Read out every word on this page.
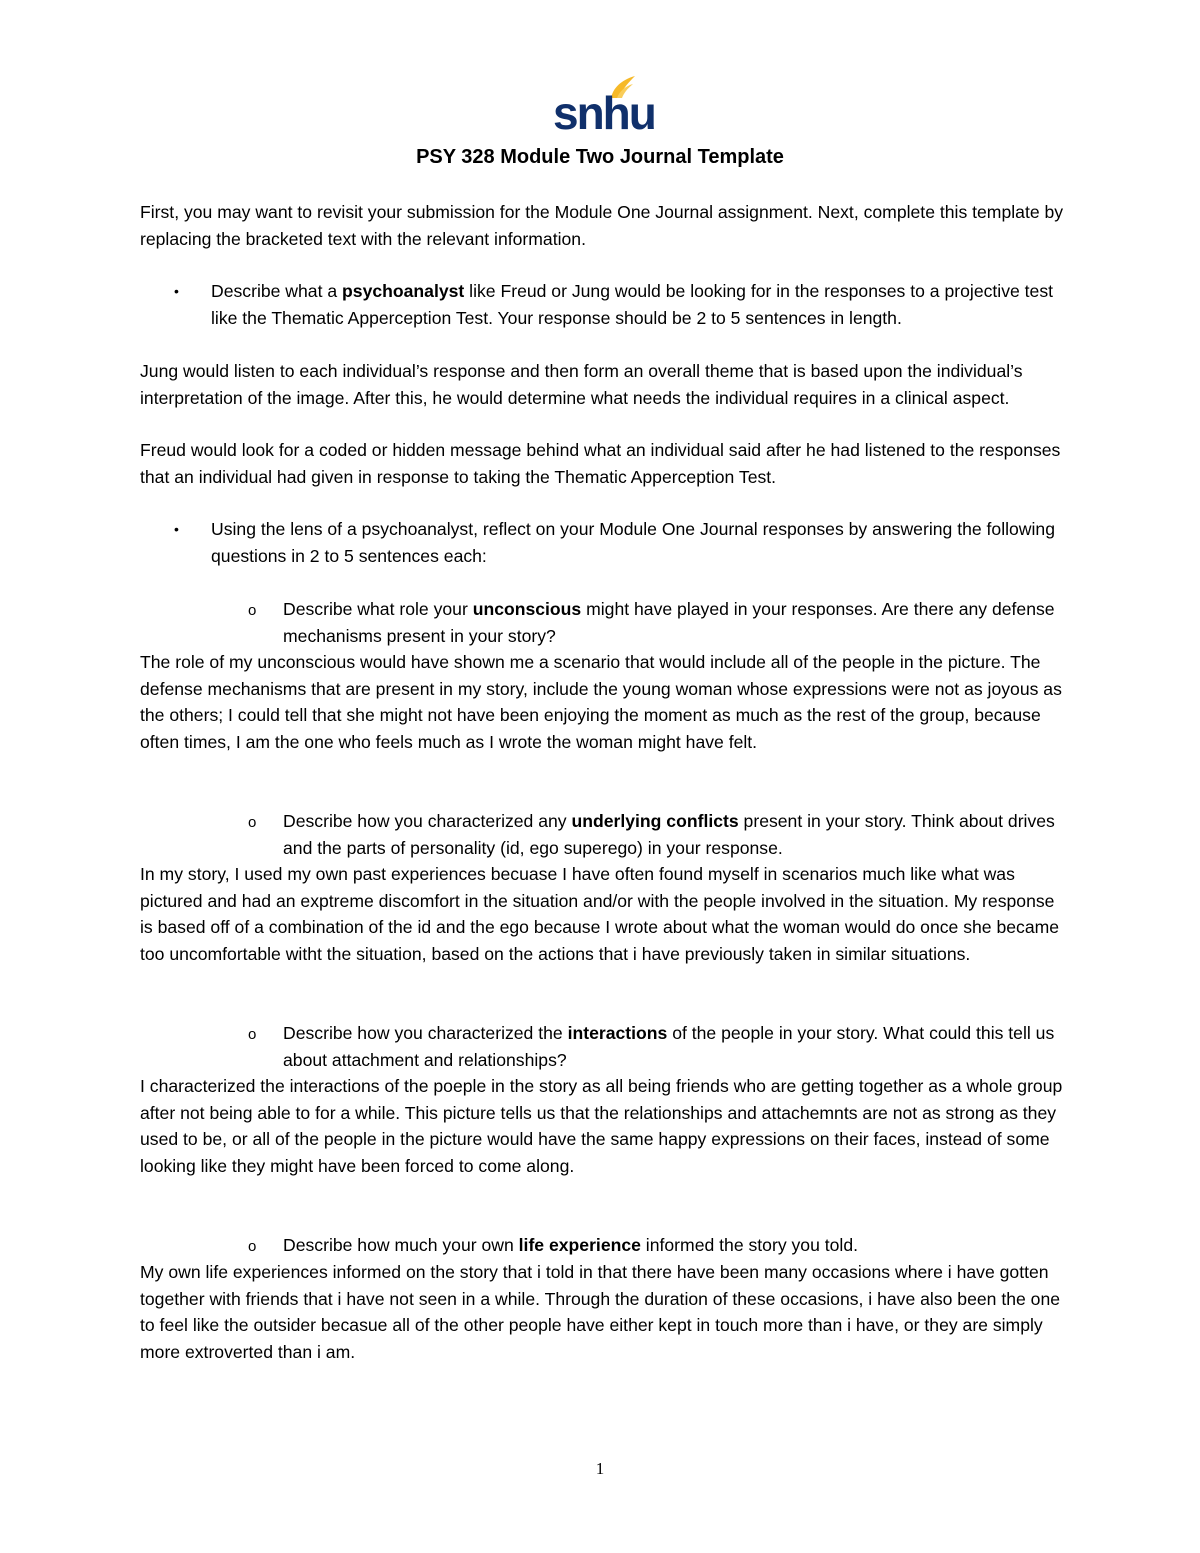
snhu
PSY 328 Module Two Journal Template

First, you may want to revisit your submission for the Module One Journal assignment. Next, complete this template by replacing the bracketed text with the relevant information.

• Describe what a psychoanalyst like Freud or Jung would be looking for in the responses to a projective test like the Thematic Apperception Test. Your response should be 2 to 5 sentences in length.

Jung would listen to each individual’s response and then form an overall theme that is based upon the individual’s interpretation of the image. After this, he would determine what needs the individual requires in a clinical aspect.

Freud would look for a coded or hidden message behind what an individual said after he had listened to the responses that an individual had given in response to taking the Thematic Apperception Test.

• Using the lens of a psychoanalyst, reflect on your Module One Journal responses by answering the following questions in 2 to 5 sentences each:
o Describe what role your unconscious might have played in your responses. Are there any defense mechanisms present in your story?

The role of my unconscious would have shown me a scenario that would include all of the people in the picture. The defense mechanisms that are present in my story, include the young woman whose expressions were not as joyous as the others; I could tell that she might not have been enjoying the moment as much as the rest of the group, because often times, I am the one who feels much as I wrote the woman might have felt.

o Describe how you characterized any underlying conflicts present in your story. Think about drives and the parts of personality (id, ego superego) in your response.

In my story, I used my own past experiences becuase I have often found myself in scenarios much like what was pictured and had an exptreme discomfort in the situation and/or with the people involved in the situation. My response is based off of a combination of the id and the ego because I wrote about what the woman would do once she became too uncomfortable witht the situation, based on the actions that i have previously taken in similar situations.

o Describe how you characterized the interactions of the people in your story. What could this tell us about attachment and relationships?

I characterized the interactions of the poeple in the story as all being friends who are getting together as a whole group after not being able to for a while. This picture tells us that the relationships and attachemnts are not as strong as they used to be, or all of the people in the picture would have the same happy expressions on their faces, instead of some looking like they might have been forced to come along.

o Describe how much your own life experience informed the story you told.

My own life experiences informed on the story that i told in that there have been many occasions where i have gotten together with friends that i have not seen in a while. Through the duration of these occasions, i have also been the one to feel like the outsider becasue all of the other people have either kept in touch more than i have, or they are simply more extroverted than i am.

1
